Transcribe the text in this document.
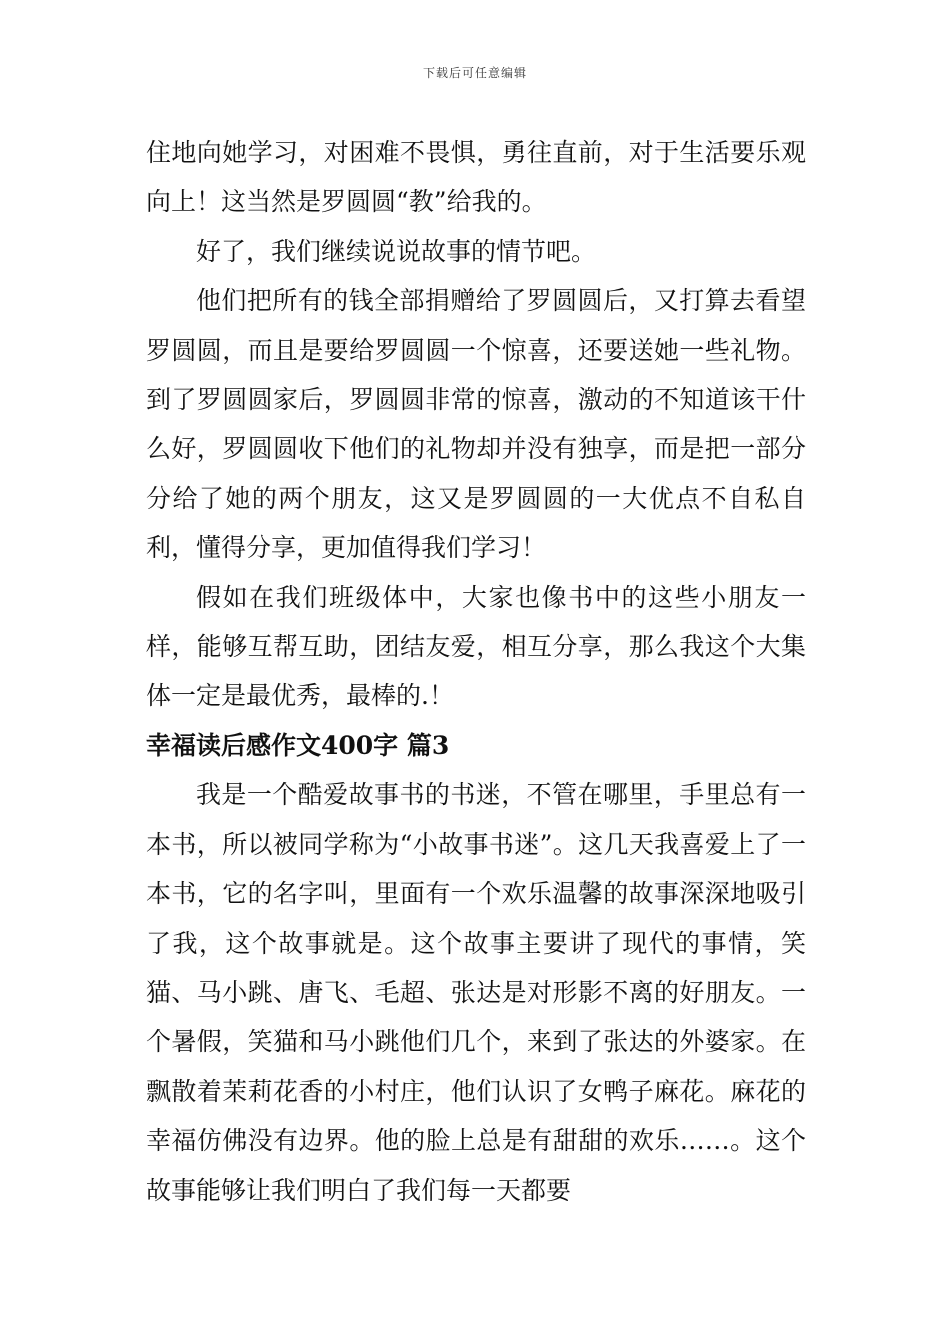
下载后可任意编辑

住地向她学习，对困难不畏惧，勇往直前，对于生活要乐观向上！这当然是罗圆圆“教”给我的。

好了，我们继续说说故事的情节吧。

他们把所有的钱全部捐赠给了罗圆圆后，又打算去看望罗圆圆，而且是要给罗圆圆一个惊喜，还要送她一些礼物。到了罗圆圆家后，罗圆圆非常的惊喜，激动的不知道该干什么好，罗圆圆收下他们的礼物却并没有独享，而是把一部分分给了她的两个朋友，这又是罗圆圆的一大优点不自私自利，懂得分享，更加值得我们学习！

假如在我们班级体中，大家也像书中的这些小朋友一样，能够互帮互助，团结友爱，相互分享，那么我这个大集体一定是最优秀，最棒的.！

幸福读后感作文400字 篇3

我是一个酷爱故事书的书迷，不管在哪里，手里总有一本书，所以被同学称为“小故事书迷”。这几天我喜爱上了一本书，它的名字叫，里面有一个欢乐温馨的故事深深地吸引了我，这个故事就是。这个故事主要讲了现代的事情，笑猫、马小跳、唐飞、毛超、张达是对形影不离的好朋友。一个暑假，笑猫和马小跳他们几个，来到了张达的外婆家。在飘散着茉莉花香的小村庄，他们认识了女鸭子麻花。麻花的幸福仿佛没有边界。他的脸上总是有甜甜的欢乐……。这个故事能够让我们明白了我们每一天都要
